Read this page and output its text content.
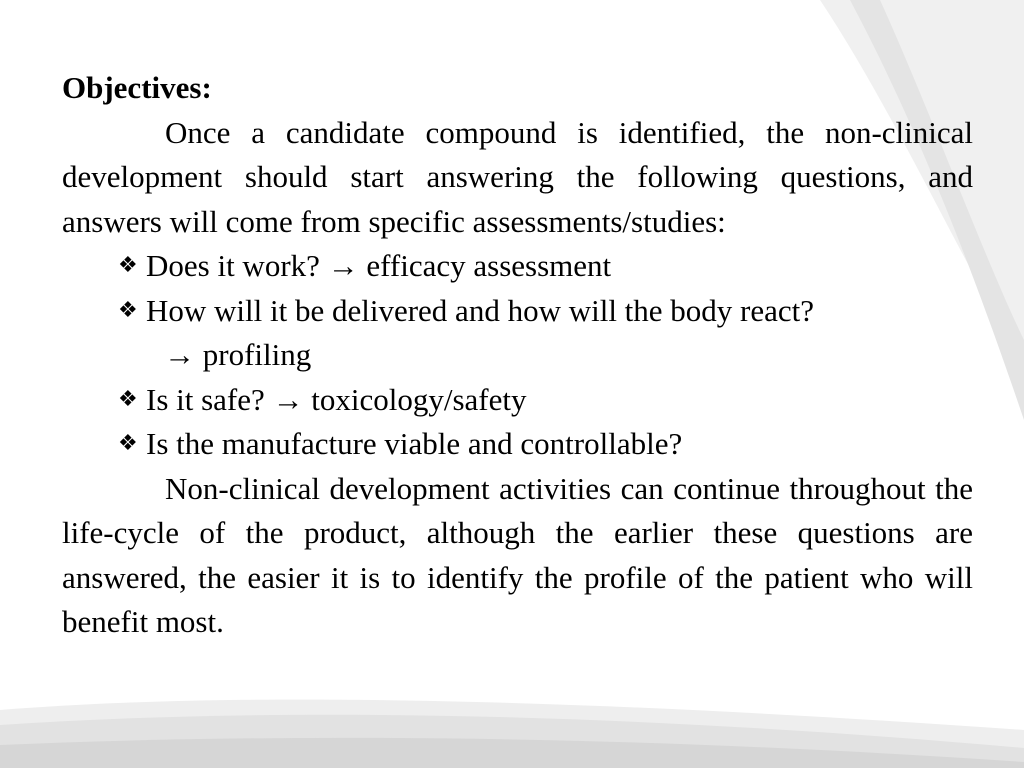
Objectives:

Once a candidate compound is identified, the non-clinical development should start answering the following questions, and answers will come from specific assessments/studies:

❖ Does it work? → efficacy assessment
❖ How will it be delivered and how will the body react?
→ profiling
❖ Is it safe? → toxicology/safety
❖ Is the manufacture viable and controllable?

Non-clinical development activities can continue throughout the life-cycle of the product, although the earlier these questions are answered, the easier it is to identify the profile of the patient who will benefit most.
